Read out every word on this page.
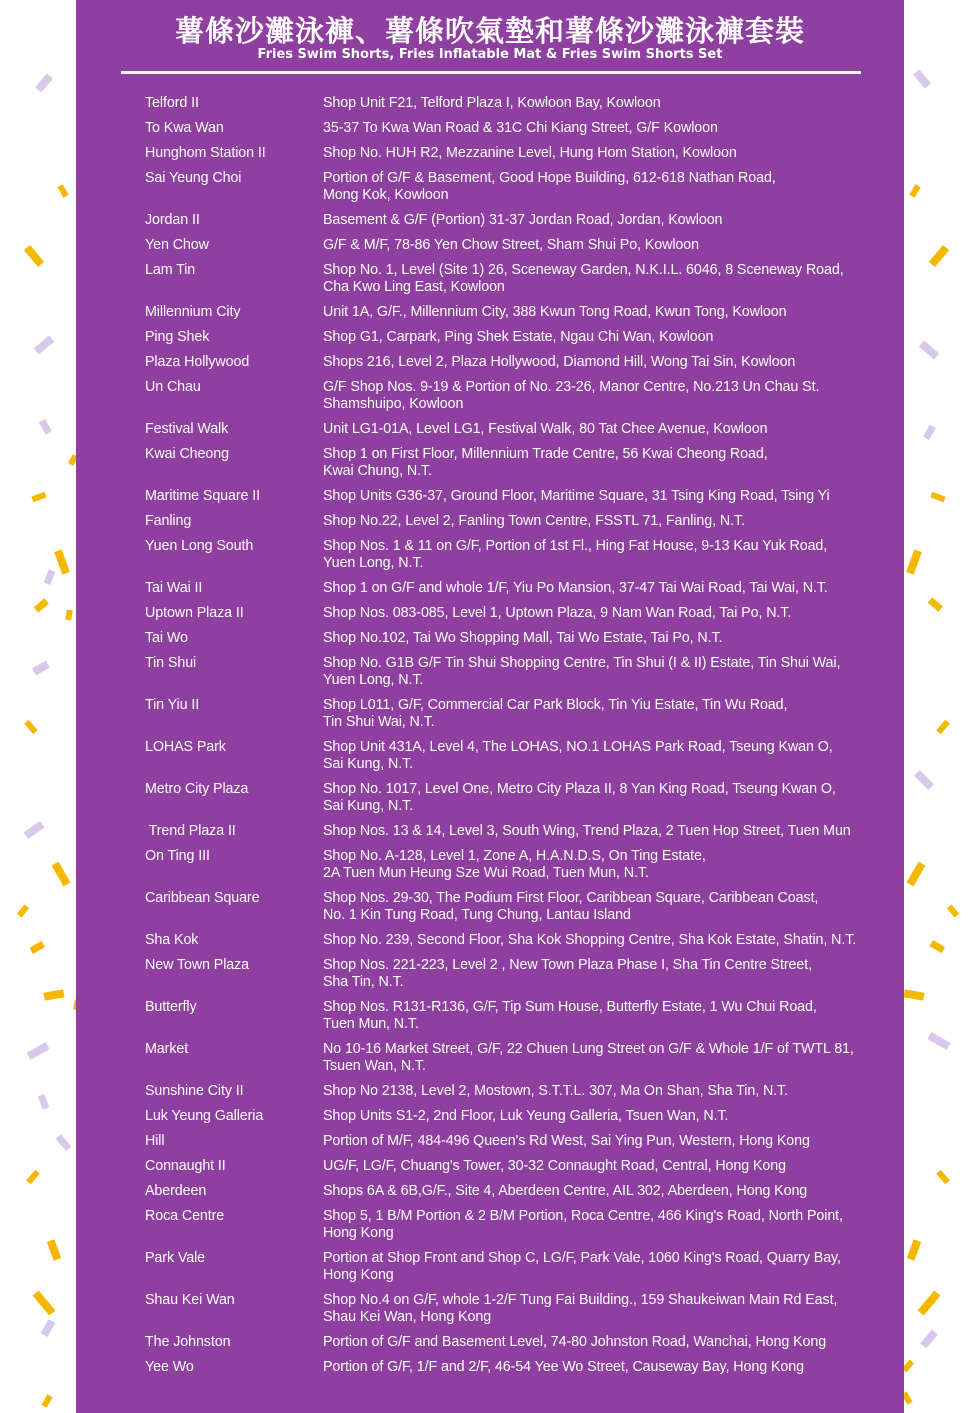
薯條沙灘泳褲、薯條吹氣墊和薯條沙灘泳褲套裝
Fries Swim Shorts, Fries Inflatable Mat & Fries Swim Shorts Set
Telford II	Shop Unit F21, Telford Plaza I, Kowloon Bay, Kowloon
To Kwa Wan	35-37 To Kwa Wan Road & 31C Chi Kiang Street, G/F Kowloon
Hunghom Station II	Shop No. HUH R2, Mezzanine Level, Hung Hom Station, Kowloon
Sai Yeung Choi	Portion of G/F & Basement, Good Hope Building, 612-618 Nathan Road,
Mong Kok, Kowloon
Jordan II	Basement & G/F (Portion) 31-37 Jordan Road, Jordan, Kowloon
Yen Chow	G/F & M/F, 78-86 Yen Chow Street, Sham Shui Po, Kowloon
Lam Tin	Shop No. 1, Level (Site 1) 26, Sceneway Garden, N.K.I.L. 6046, 8 Sceneway Road,
Cha Kwo Ling East, Kowloon
Millennium City	Unit 1A, G/F., Millennium City, 388 Kwun Tong Road, Kwun Tong, Kowloon
Ping Shek	Shop G1, Carpark, Ping Shek Estate, Ngau Chi Wan, Kowloon
Plaza Hollywood	Shops 216, Level 2, Plaza Hollywood, Diamond Hill, Wong Tai Sin, Kowloon
Un Chau	G/F Shop Nos. 9-19 & Portion of No. 23-26, Manor Centre, No.213 Un Chau St.
Shamshuipo, Kowloon
Festival Walk	Unit LG1-01A, Level LG1, Festival Walk, 80 Tat Chee Avenue, Kowloon
Kwai Cheong	Shop 1 on First Floor, Millennium Trade Centre, 56 Kwai Cheong Road,
Kwai Chung, N.T.
Maritime Square II	Shop Units G36-37, Ground Floor, Maritime Square, 31 Tsing King Road, Tsing Yi
Fanling	Shop No.22, Level 2, Fanling Town Centre, FSSTL 71, Fanling, N.T.
Yuen Long South	Shop Nos. 1 & 11 on G/F, Portion of 1st Fl., Hing Fat House, 9-13 Kau Yuk Road,
Yuen Long, N.T.
Tai Wai II	Shop 1 on G/F and whole 1/F, Yiu Po Mansion, 37-47 Tai Wai Road, Tai Wai, N.T.
Uptown Plaza II	Shop Nos. 083-085, Level 1, Uptown Plaza, 9 Nam Wan Road, Tai Po, N.T.
Tai Wo	Shop No.102, Tai Wo Shopping Mall, Tai Wo Estate, Tai Po, N.T.
Tin Shui	Shop No. G1B G/F Tin Shui Shopping Centre, Tin Shui (I & II) Estate, Tin Shui Wai,
Yuen Long, N.T.
Tin Yiu II	Shop L011, G/F, Commercial Car Park Block, Tin Yiu Estate, Tin Wu Road,
Tin Shui Wai, N.T.
LOHAS Park	Shop Unit 431A, Level 4, The LOHAS, NO.1 LOHAS Park Road, Tseung Kwan O,
Sai Kung, N.T.
Metro City Plaza	Shop No. 1017, Level One, Metro City Plaza II, 8 Yan King Road, Tseung Kwan O,
Sai Kung, N.T.
Trend Plaza II	Shop Nos. 13 & 14, Level 3, South Wing, Trend Plaza, 2 Tuen Hop Street, Tuen Mun
On Ting III	Shop No. A-128, Level 1, Zone A, H.A.N.D.S, On Ting Estate,
2A Tuen Mun Heung Sze Wui Road, Tuen Mun, N.T.
Caribbean Square	Shop Nos. 29-30, The Podium First Floor, Caribbean Square, Caribbean Coast,
No. 1 Kin Tung Road, Tung Chung, Lantau Island
Sha Kok	Shop No. 239, Second Floor, Sha Kok Shopping Centre, Sha Kok Estate, Shatin, N.T.
New Town Plaza	Shop Nos. 221-223, Level 2 , New Town Plaza Phase I, Sha Tin Centre Street,
Sha Tin, N.T.
Butterfly	Shop Nos. R131-R136, G/F, Tip Sum House, Butterfly Estate, 1 Wu Chui Road,
Tuen Mun, N.T.
Market	No 10-16 Market Street, G/F, 22 Chuen Lung Street on G/F & Whole 1/F of TWTL 81,
Tsuen Wan, N.T.
Sunshine City II	Shop No 2138, Level 2, Mostown, S.T.T.L. 307, Ma On Shan, Sha Tin, N.T.
Luk Yeung Galleria	Shop Units S1-2, 2nd Floor, Luk Yeung Galleria, Tsuen Wan, N.T.
Hill	Portion of M/F, 484-496 Queen's Rd West, Sai Ying Pun, Western, Hong Kong
Connaught II	UG/F, LG/F, Chuang's Tower, 30-32 Connaught Road, Central, Hong Kong
Aberdeen	Shops 6A & 6B,G/F., Site 4, Aberdeen Centre, AIL 302, Aberdeen, Hong Kong
Roca Centre	Shop 5, 1 B/M Portion & 2 B/M Portion, Roca Centre, 466 King's Road, North Point,
Hong Kong
Park Vale	Portion at Shop Front and Shop C, LG/F, Park Vale, 1060 King's Road, Quarry Bay,
Hong Kong
Shau Kei Wan	Shop No.4 on G/F, whole 1-2/F Tung Fai Building., 159 Shaukeiwan Main Rd East,
Shau Kei Wan, Hong Kong
The Johnston	Portion of G/F and Basement Level, 74-80 Johnston Road, Wanchai, Hong Kong
Yee Wo	Portion of G/F, 1/F and 2/F, 46-54 Yee Wo Street, Causeway Bay, Hong Kong
